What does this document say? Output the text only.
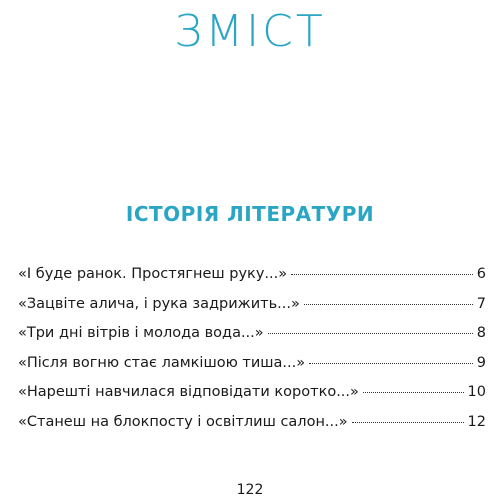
ЗМІСТ
ІСТОРІЯ ЛІТЕРАТУРИ
«І буде ранок. Простягнеш руку...»	6
«Зацвіте алича, і рука задрижить...»	7
«Три дні вітрів і молода вода...»	8
«Після вогню стає ламкішою тиша...»	9
«Нарешті навчилася відповідати коротко...»	10
«Станеш на блокпосту і освітлиш салон...»	12
122
